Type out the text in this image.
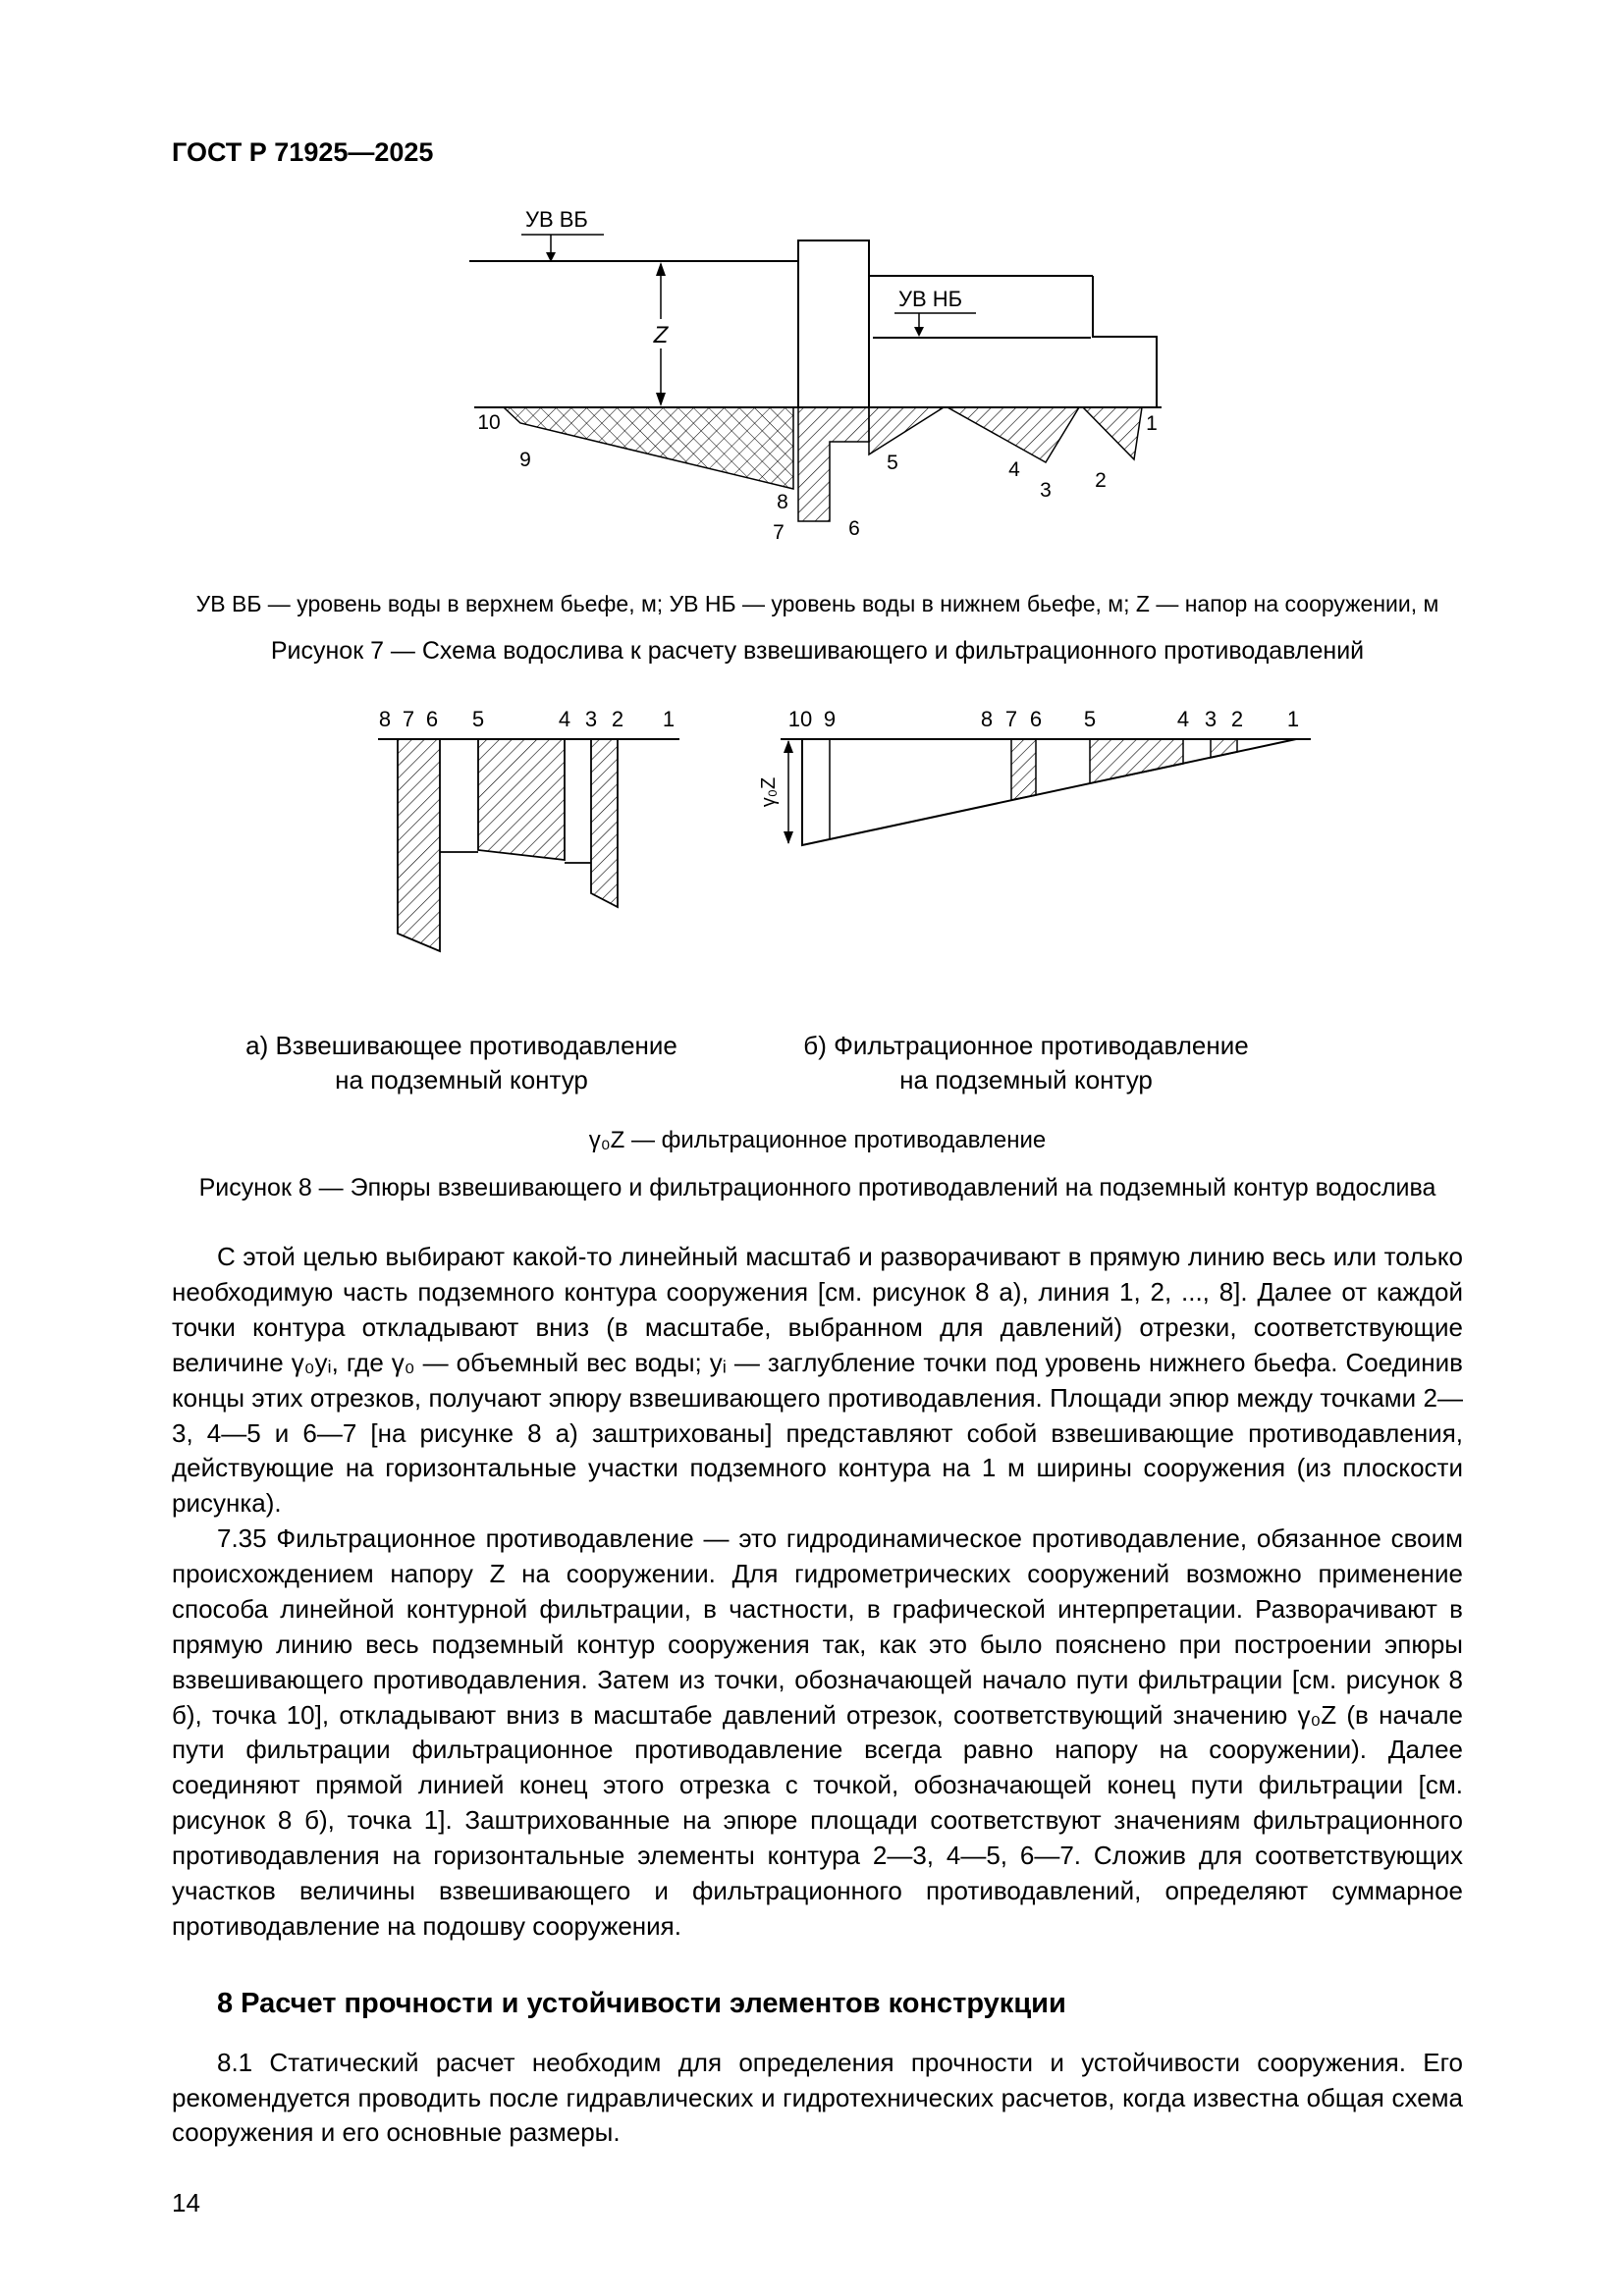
ГОСТ Р 71925—2025
УВ ВБ
Z
УВ НБ
1
2
3
4
5
6
7
8
9
10
УВ ВБ — уровень воды в верхнем бьефе, м; УВ НБ — уровень воды в нижнем бьефе, м; Z — напор на сооружении, м
Рисунок 7 — Схема водослива к расчету взвешивающего и фильтрационного противодавлений
8 7 6 5	4 3 2 1	10 9	8 7 6 5	4 3 2 1
γ₀Z
а) Взвешивающее противодавление
на подземный контур
б) Фильтрационное противодавление
на подземный контур
γ₀Z — фильтрационное противодавление
Рисунок 8 — Эпюры взвешивающего и фильтрационного противодавлений на подземный контур водослива

С этой целью выбирают какой-то линейный масштаб и разворачивают в прямую линию весь или только необходимую часть подземного контура сооружения [см. рисунок 8 а), линия 1, 2, ..., 8]. Далее от каждой точки контура откладывают вниз (в масштабе, выбранном для давлений) отрезки, соответствующие величине γ₀yᵢ, где γ₀ — объемный вес воды; yᵢ — заглубление точки под уровень нижнего бьефа. Соединив концы этих отрезков, получают эпюру взвешивающего противодавления. Площади эпюр между точками 2—3, 4—5 и 6—7 [на рисунке 8 а) заштрихованы] представляют собой взвешивающие противодавления, действующие на горизонтальные участки подземного контура на 1 м ширины сооружения (из плоскости рисунка).

7.35 Фильтрационное противодавление — это гидродинамическое противодавление, обязанное своим происхождением напору Z на сооружении. Для гидрометрических сооружений возможно применение способа линейной контурной фильтрации, в частности, в графической интерпретации. Разворачивают в прямую линию весь подземный контур сооружения так, как это было пояснено при построении эпюры взвешивающего противодавления. Затем из точки, обозначающей начало пути фильтрации [см. рисунок 8 б), точка 10], откладывают вниз в масштабе давлений отрезок, соответствующий значению γ₀Z (в начале пути фильтрации фильтрационное противодавление всегда равно напору на сооружении). Далее соединяют прямой линией конец этого отрезка с точкой, обозначающей конец пути фильтрации [см. рисунок 8 б), точка 1]. Заштрихованные на эпюре площади соответствуют значениям фильтрационного противодавления на горизонтальные элементы контура 2—3, 4—5, 6—7. Сложив для соответствующих участков величины взвешивающего и фильтрационного противодавлений, определяют суммарное противодавление на подошву сооружения.

8 Расчет прочности и устойчивости элементов конструкции

8.1 Статический расчет необходим для определения прочности и устойчивости сооружения. Его рекомендуется проводить после гидравлических и гидротехнических расчетов, когда известна общая схема сооружения и его основные размеры.

14
